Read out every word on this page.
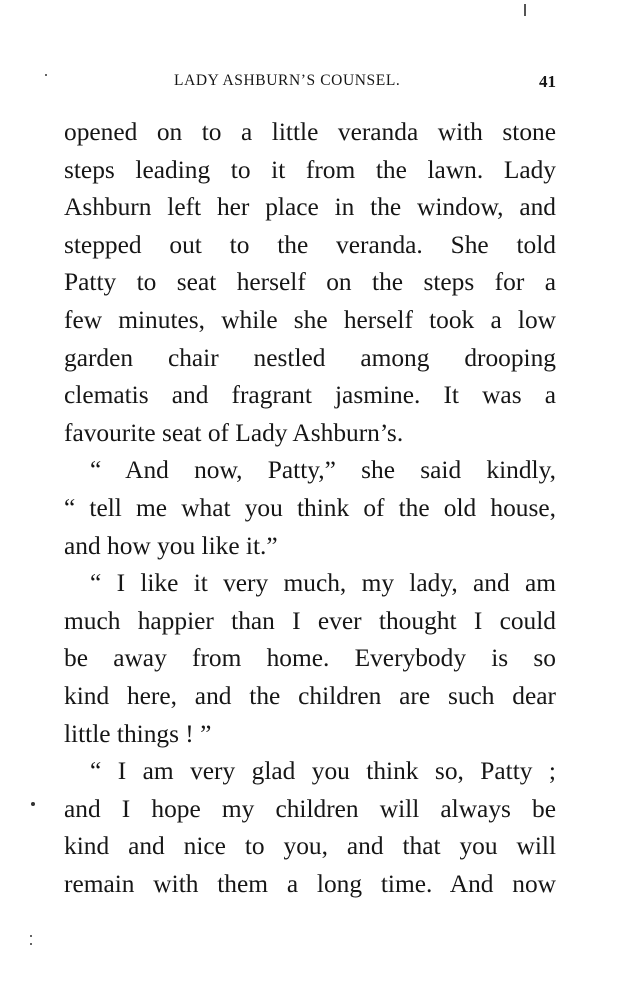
LADY ASHBURN’S COUNSEL.	41
opened on to a little veranda with stone
steps leading to it from the lawn. Lady
Ashburn left her place in the window, and
stepped out to the veranda. She told
Patty to seat herself on the steps for a
few minutes, while she herself took a low
garden chair nestled among drooping
clematis and fragrant jasmine. It was a
favourite seat of Lady Ashburn’s.
“ And now, Patty,” she said kindly,
“ tell me what you think of the old house,
and how you like it.”
“ I like it very much, my lady, and am
much happier than I ever thought I could
be away from home. Everybody is so
kind here, and the children are such dear
little things ! ”
“ I am very glad you think so, Patty ;
and I hope my children will always be
kind and nice to you, and that you will
remain with them a long time. And now
